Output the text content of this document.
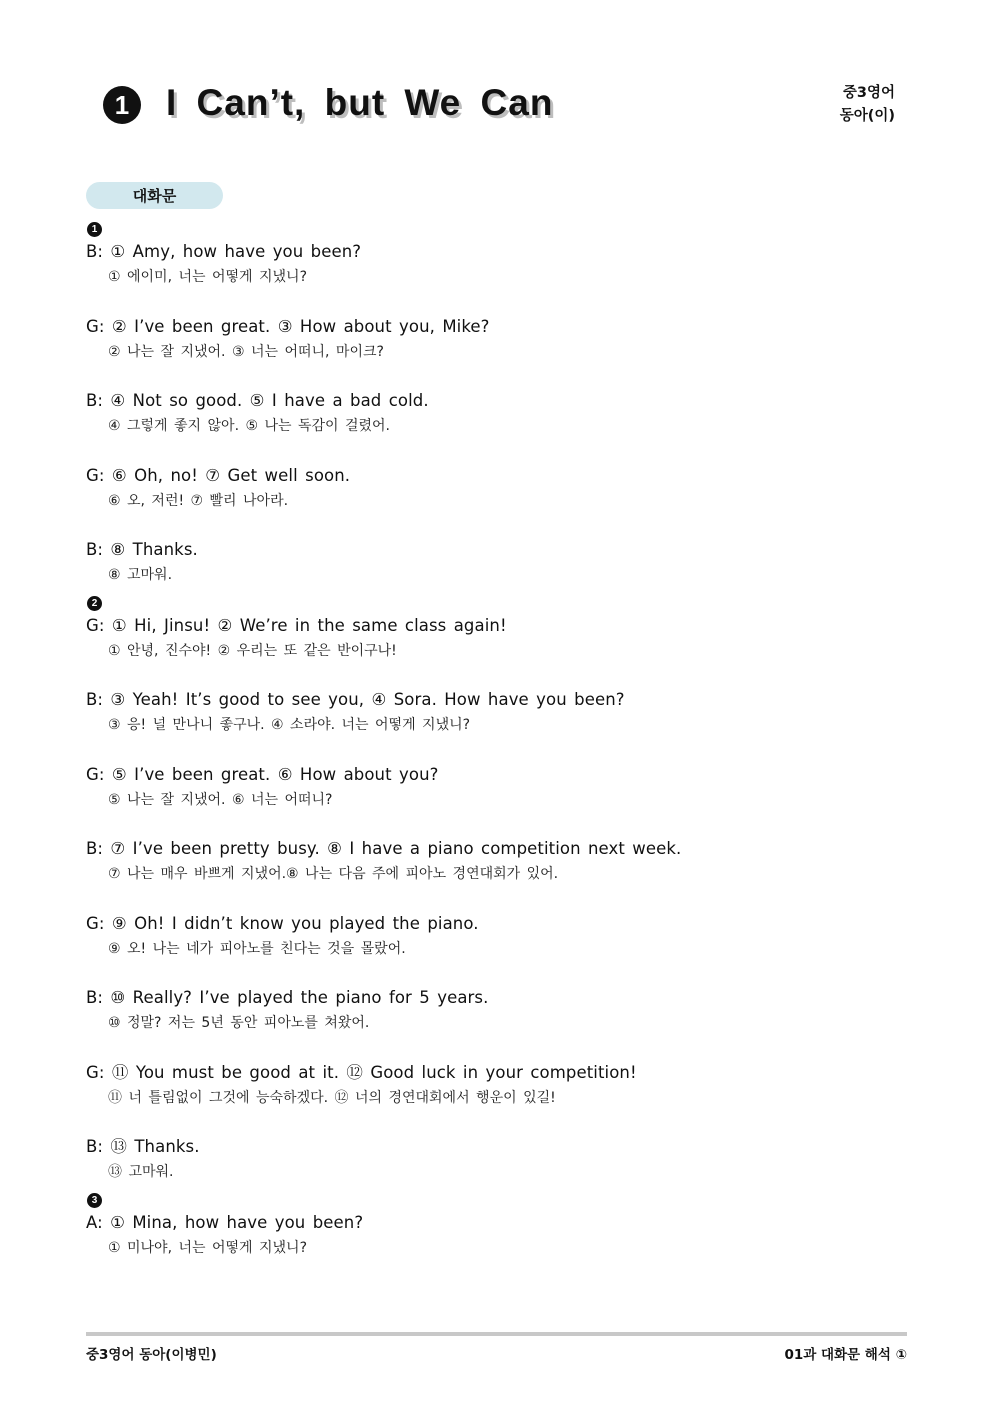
1 I Can’t, but We Can	중3영어
동아(이)
대화문
1
B: ① Amy, how have you been?
① 에이미, 너는 어떻게 지냈니?
G: ② I’ve been great. ③ How about you, Mike?
② 나는 잘 지냈어. ③ 너는 어떠니, 마이크?
B: ④ Not so good. ⑤ I have a bad cold.
④ 그렇게 좋지 않아. ⑤ 나는 독감이 걸렸어.
G: ⑥ Oh, no! ⑦ Get well soon.
⑥ 오, 저런! ⑦ 빨리 나아라.
B: ⑧ Thanks.
⑧ 고마워.
2
G: ① Hi, Jinsu! ② We’re in the same class again!
① 안녕, 진수야! ② 우리는 또 같은 반이구나!
B: ③ Yeah! It’s good to see you, ④ Sora. How have you been?
③ 응! 널 만나니 좋구나. ④ 소라야. 너는 어떻게 지냈니?
G: ⑤ I’ve been great. ⑥ How about you?
⑤ 나는 잘 지냈어. ⑥ 너는 어떠니?
B: ⑦ I’ve been pretty busy. ⑧ I have a piano competition next week.
⑦ 나는 매우 바쁘게 지냈어.⑧ 나는 다음 주에 피아노 경연대회가 있어.
G: ⑨ Oh! I didn’t know you played the piano.
⑨ 오! 나는 네가 피아노를 친다는 것을 몰랐어.
B: ⑩ Really? I’ve played the piano for 5 years.
⑩ 정말? 저는 5년 동안 피아노를 쳐왔어.
G: ⑪ You must be good at it. ⑫ Good luck in your competition!
⑪ 너 틀림없이 그것에 능숙하겠다. ⑫ 너의 경연대회에서 행운이 있길!
B: ⑬ Thanks.
⑬ 고마워.
3
A: ① Mina, how have you been?
① 미나야, 너는 어떻게 지냈니?
중3영어 동아(이병민)	01과 대화문 해석 ①
